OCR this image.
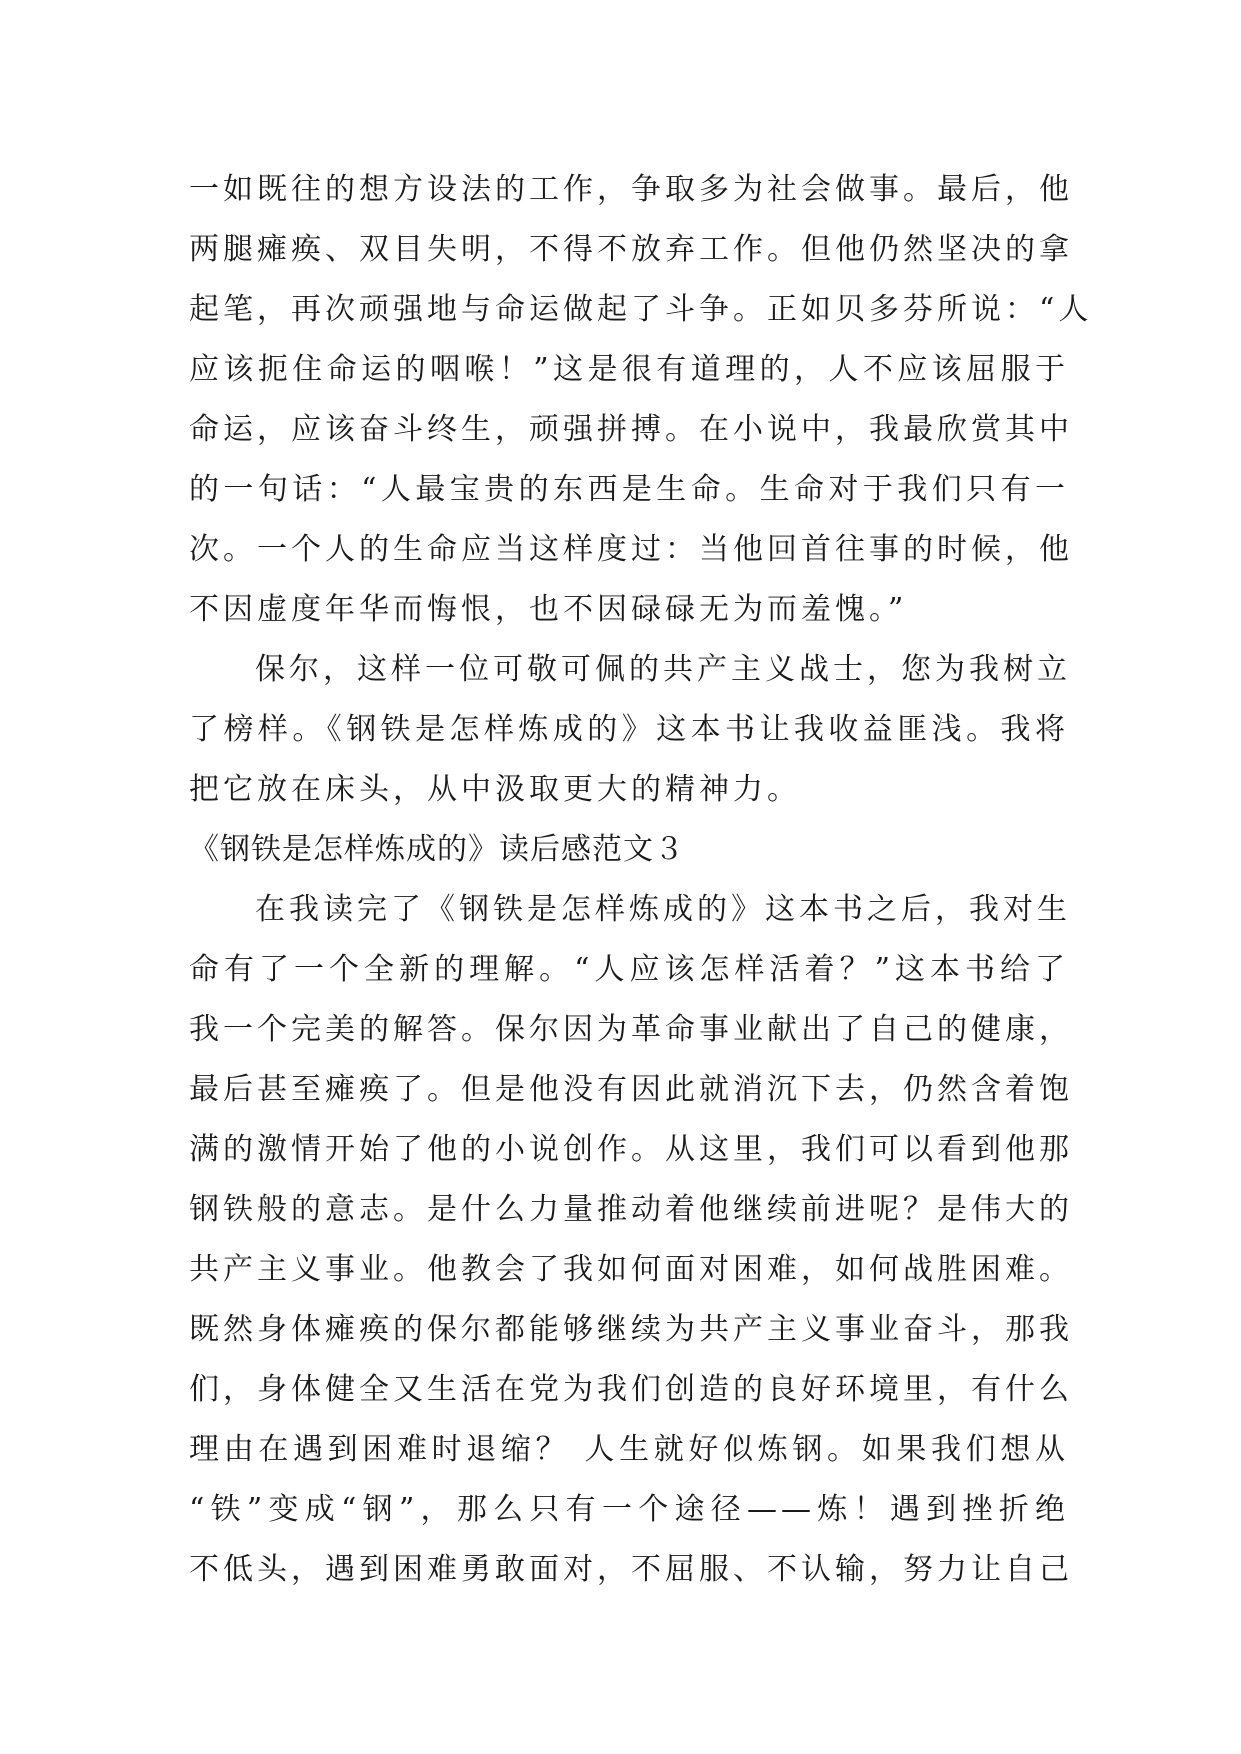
一如既往的想方设法的工作，争取多为社会做事。最后，他
两腿瘫痪、双目失明，不得不放弃工作。但他仍然坚决的拿
起笔，再次顽强地与命运做起了斗争。正如贝多芬所说：“人
应该扼住命运的咽喉！”这是很有道理的，人不应该屈服于
命运，应该奋斗终生，顽强拼搏。在小说中，我最欣赏其中
的一句话：“人最宝贵的东西是生命。生命对于我们只有一
次。一个人的生命应当这样度过：当他回首往事的时候，他
不因虚度年华而悔恨，也不因碌碌无为而羞愧。”
保尔，这样一位可敬可佩的共产主义战士，您为我树立
了榜样。《钢铁是怎样炼成的》这本书让我收益匪浅。我将
把它放在床头，从中汲取更大的精神力。
《钢铁是怎样炼成的》读后感范文３
在我读完了《钢铁是怎样炼成的》这本书之后，我对生
命有了一个全新的理解。“人应该怎样活着？”这本书给了
我一个完美的解答。保尔因为革命事业献出了自己的健康，
最后甚至瘫痪了。但是他没有因此就消沉下去，仍然含着饱
满的激情开始了他的小说创作。从这里，我们可以看到他那
钢铁般的意志。是什么力量推动着他继续前进呢？是伟大的
共产主义事业。他教会了我如何面对困难，如何战胜困难。
既然身体瘫痪的保尔都能够继续为共产主义事业奋斗，那我
们，身体健全又生活在党为我们创造的良好环境里，有什么
理由在遇到困难时退缩？ 人生就好似炼钢。如果我们想从
“铁”变成“钢”，那么只有一个途径——炼！遇到挫折绝
不低头，遇到困难勇敢面对，不屈服、不认输，努力让自己
